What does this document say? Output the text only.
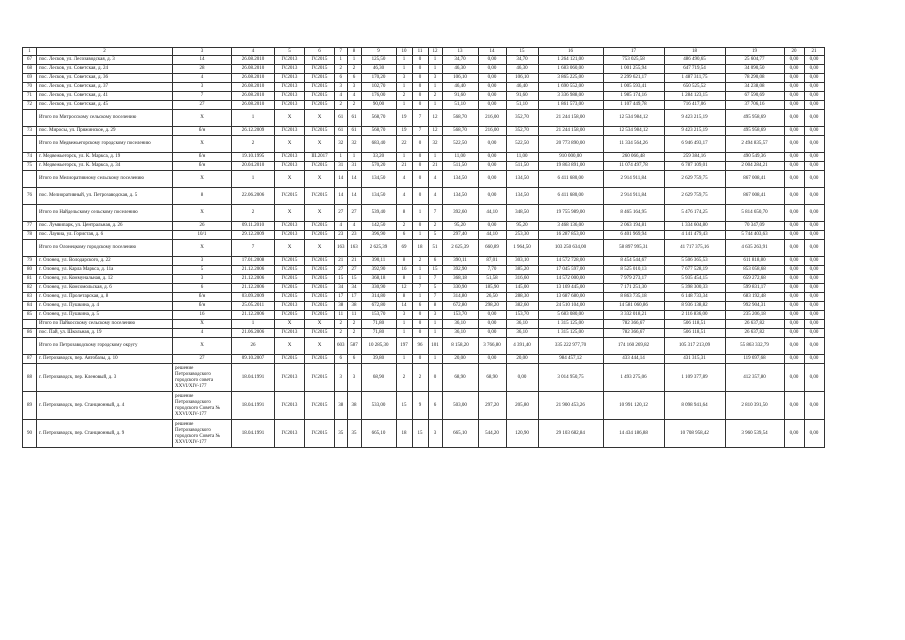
1	2	3	4	5	6	7	8	9	10	11	12	13	14	15	16	17	18	19	20	21
67	пос. Лесков, ул. Лесозаводская, д. 3	14	26.08.2010	IV.2013	IV.2015	1	1	125,50	1	0	1	34,70	0,00	34,70	1 264 121,00	753 025,58	486 490,65	25 604,77	0,00	0,00
68	пос. Лесков, ул. Советская, д. 24	28	26.08.2010	IV.2013	IV.2015	2	2	46,30	1	0	1	46,30	0,00	46,30	1 683 060,00	1 001 255,94	647 719,54	34 090,50	0,00	0,00
69	пос. Лесков, ул. Советская, д. 36	4	26.08.2010	IV.2013	IV.2015	6	6	170,20	3	0	3	106,10	0,00	106,10	3 865 225,00	2 299 621,17	1 487 311,75	78 290,08	0,00	0,00
70	пос. Лесков, ул. Советская, д. 37	3	26.08.2010	IV.2013	IV.2015	3	3	102,70	1	0	1	46,40	0,00	46,40	1 690 552,00	1 005 593,41	650 525,52	34 238,08	0,00	0,00
71	пос. Лесков, ул. Советская, д. 41	7	26.08.2010	IV.2013	IV.2015	4	4	176,00	2	0	2	91,60	0,00	91,60	3 336 988,00	1 985 174,16	1 284 123,15	67 590,69	0,00	0,00
72	пос. Лесков, ул. Советская, д. 45	27	26.08.2010	IV.2013	IV.2015	2	2	90,00	1	0	1	51,10	0,00	51,10	1 861 573,00	1 107 449,78	716 417,06	37 706,16	0,00	0,00
	Итого по Митросскому сельскому поселению	X	1	X	X	61	61	568,70	19	7	12	568,70	216,00	352,70	21 244 158,00	12 534 984,12	9 423 215,19	495 958,69	0,00	0,00
73	пос. Миросы, ул. Пряжинское, д. 29	б/н	26.12.2009	IV.2013	IV.2015	61	61	568,70	19	7	12	568,70	216,00	352,70	21 244 158,00	12 534 984,12	9 423 215,19	495 958,69	0,00	0,00
	Итого по Медвежьегорскому городскому поселению	X	2	X	X	32	32	683,40	22	0	32	522,50	0,00	522,50	20 773 890,00	11 334 564,26	6 946 493,17	2 494 835,57	0,00	0,00
74	г. Медвежьегорск, ул. К. Маркса, д. 19	б/н	19.10.1995	IV.2013	III.2017	1	1	33,20	1	0	1	11,00	0,00	11,00	910 000,00	260 066,48	259 384,16	490 549,36	0,00	0,00
75	г. Медвежьегорск, ул. К. Маркса, д. 34	б/н	20.04.2010	IV.2013	IV.2015	31	31	570,20	21	0	21	511,50	0,00	511,50	19 863 891,00	11 074 497,78	6 787 109,01	2 004 284,21	0,00	0,00
	Итого по Мелиоративному сельскому поселению	X	1	X	X	14	14	134,50	4	0	4	134,50	0,00	134,50	6 411 680,00	2 914 911,84	2 629 759,75	867 008,41	0,00	0,00
76	пос. Мелиоративный, ул. Петрозаводская, д. 5	8	22.06.2006	IV.2015	IV.2015	14	14	134,50	4	0	4	134,50	0,00	134,50	6 411 680,00	2 914 911,84	2 629 759,75	867 008,41	0,00	0,00
	Итого по Найдельскому сельскому поселению	X	2	X	X	27	27	539,40	8	1	7	392,60	44,10	348,50	19 755 989,00	8 465 164,95	5 476 174,25	5 814 650,70	0,00	0,00
77	пос. Лумвипарк, ул. Центральная, д. 26	26	09.11.2010	IV.2013	IV.2015	4	4	142,50	2	0	2	95,20	0,00	95,20	3 468 136,00	2 063 194,81	1 334 604,80	70 347,09	0,00	0,00
78	пос. Лаувиа, ул. Гористая, д. 6	10/1	29.12.2009	IV.2013	IV.2015	23	23	396,90	6	1	5	297,40	44,10	253,30	16 287 853,00	6 401 969,94	4 141 479,43	5 744 403,63	0,00	0,00
	Итого по Олонецкому городскому поселению	X	7	X	X	163	163	2 625,39	69	18	51	2 625,39	660,89	1 964,50	103 250 634,00	58 897 995,31	41 717 375,16	4 635 263,91	0,00	0,00
79	г. Олонец, ул. Володарского, д. 22	3	17.01.2008	IV.2015	IV.2015	21	21	390,11	8	2	6	390,11	87,01	303,10	14 572 728,00	8 454 544,67	5 506 365,53	611 818,80	0,00	0,00
80	г. Олонец, ул. Карла Маркса, д. 11а	5	21.12.2006	IV.2015	IV.2015	27	27	392,90	16	1	15	392,90	7,70	385,20	17 045 597,00	8 525 010,13	7 677 528,19	853 058,68	0,00	0,00
81	г. Олонец, ул. Коммунальная, д. 12	3	21.12.2006	IV.2015	IV.2015	15	15	368,18	8	1	7	368,18	51,58	316,60	14 572 000,00	7 979 273,17	5 935 454,15	659 272,68	0,00	0,00
82	г. Олонец, ул. Комсомольская, д. 6	6	21.12.2006	IV.2015	IV.2015	34	34	330,90	12	7	5	330,90	185,90	145,00	13 169 445,00	7 171 251,30	5 398 300,33	599 831,17	0,00	0,00
83	г. Олонец, ул. Пролетарская, д. 8	б/н	03.09.2009	IV.2015	IV.2015	17	17	314,80	8	1	7	314,80	26,50	288,30	13 687 680,00	8 863 735,18	6 148 733,34	683 192,48	0,00	0,00
84	г. Олонец, ул. Пушкина, д. 4	б/н	25.05.2011	IV.2013	IV.2015	38	38	672,80	14	6	8	672,80	298,20	382,60	24 510 104,00	14 581 060,86	8 936 138,82	992 904,31	0,00	0,00
85	г. Олонец, ул. Пушкина, д. 5	16	21.12.2006	IV.2015	IV.2015	11	11	153,70	3	0	3	153,70	0,00	153,70	5 683 080,00	3 332 018,21	2 116 836,00	235 206,18	0,00	0,00
	Итого по Пайкосскому сельскому поселению	X	1	X	X	2	2	71,80	1	0	1	36,10	0,00	36,10	1 315 125,00	782 366,67	506 118,51	26 637,82	0,00	0,00
86	пос. Пай, ул. Школьная, д. 19	4	21.06.2006	IV.2013	IV.2015	2	2	71,80	1	0	1	36,10	0,00	36,10	1 315 125,00	782 366,67	506 118,51	26 637,82	0,00	0,00
	Итого по Петрозаводскому городскому округу	X	26	X	X	603	587	10 285,30	197	96	101	8 158,20	3 766,80	4 391,40	335 222 977,70	174 160 269,82	105 317 213,09	55 863 332,79	0,00	0,00
87	г. Петрозаводск, пер. Автобазы, д. 10	27	09.10.2007	IV.2015	IV.2015	6	6	39,80	1	0	1	20,00	0,00	20,00	984 457,12	433 444,14	431 315,31	119 697,68	0,00	0,00
88	г. Петрозаводск, пер. Кленовый, д. 3	решение Петрозаводского городского совета XXVI/XIV-177	18.04.1991	IV.2013	IV.2015	3	3	68,90	2	2	0	68,90	68,90	0,00	3 014 950,75	1 493 275,06	1 109 377,89	412 357,80	0,00	0,00
89	г. Петрозаводск, пер. Станционный, д. 4	решение Петрозаводского городского Совета № XXVI/XIV-177	18.04.1991	IV.2013	IV.2015	38	38	533,00	15	9	6	503,00	297,20	205,80	21 900 453,26	10 991 120,12	8 098 941,64	2 810 391,50	0,00	0,00
90	г. Петрозаводск, пер. Станционный, д. 9	решение Петрозаводского городского Совета № XXVI/XIV-177	18.04.1991	IV.2013	IV.2015	35	35	665,10	18	15	3	665,10	544,20	120,90	29 103 682,84	14 434 186,88	10 708 958,42	3 960 539,54	0,00	0,00
